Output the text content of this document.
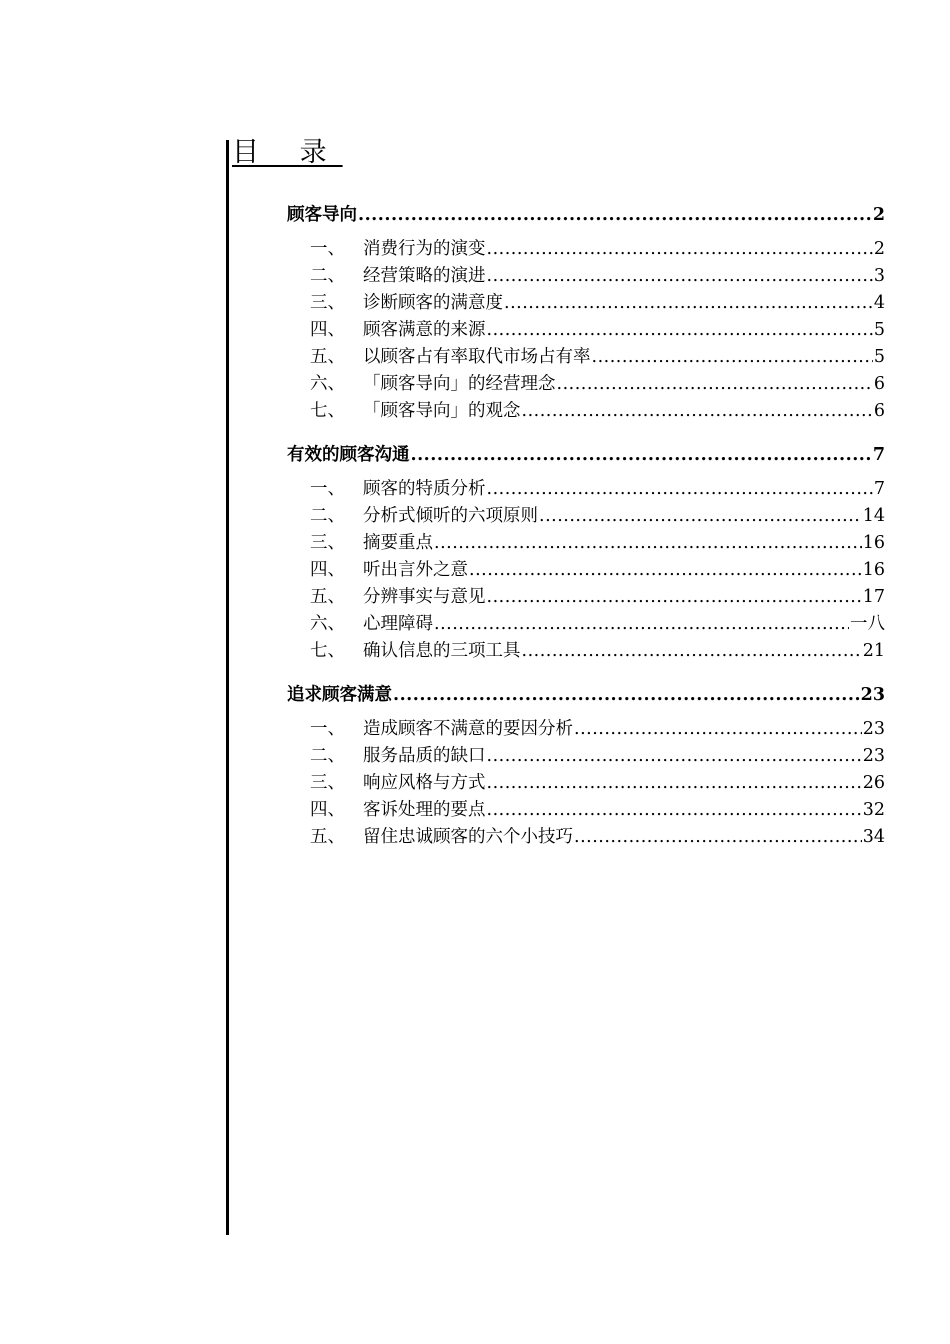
目 录
顾客导向 .....	2
一、	消费行为的演变 .....	2
二、	经营策略的演进 .....	3
三、	诊断顾客的满意度 .....	4
四、	顾客满意的来源 .....	5
五、	以顾客占有率取代市场占有率 .....	5
六、	「顾客导向」的经营理念 .....	6
七、	「顾客导向」的观念 .....	6
有效的顾客沟通 .....	7
一、	顾客的特质分析 .....	7
二、	分析式倾听的六项原则 .....	14
三、	摘要重点 .....	16
四、	听出言外之意 .....	16
五、	分辨事实与意见 .....	17
六、	心理障碍 .....	一八
七、	确认信息的三项工具 .....	21
追求顾客满意 .....	23
一、	造成顾客不满意的要因分析 .....	23
二、	服务品质的缺口 .....	23
三、	响应风格与方式 .....	26
四、	客诉处理的要点 .....	32
五、	留住忠诚顾客的六个小技巧 .....	34
